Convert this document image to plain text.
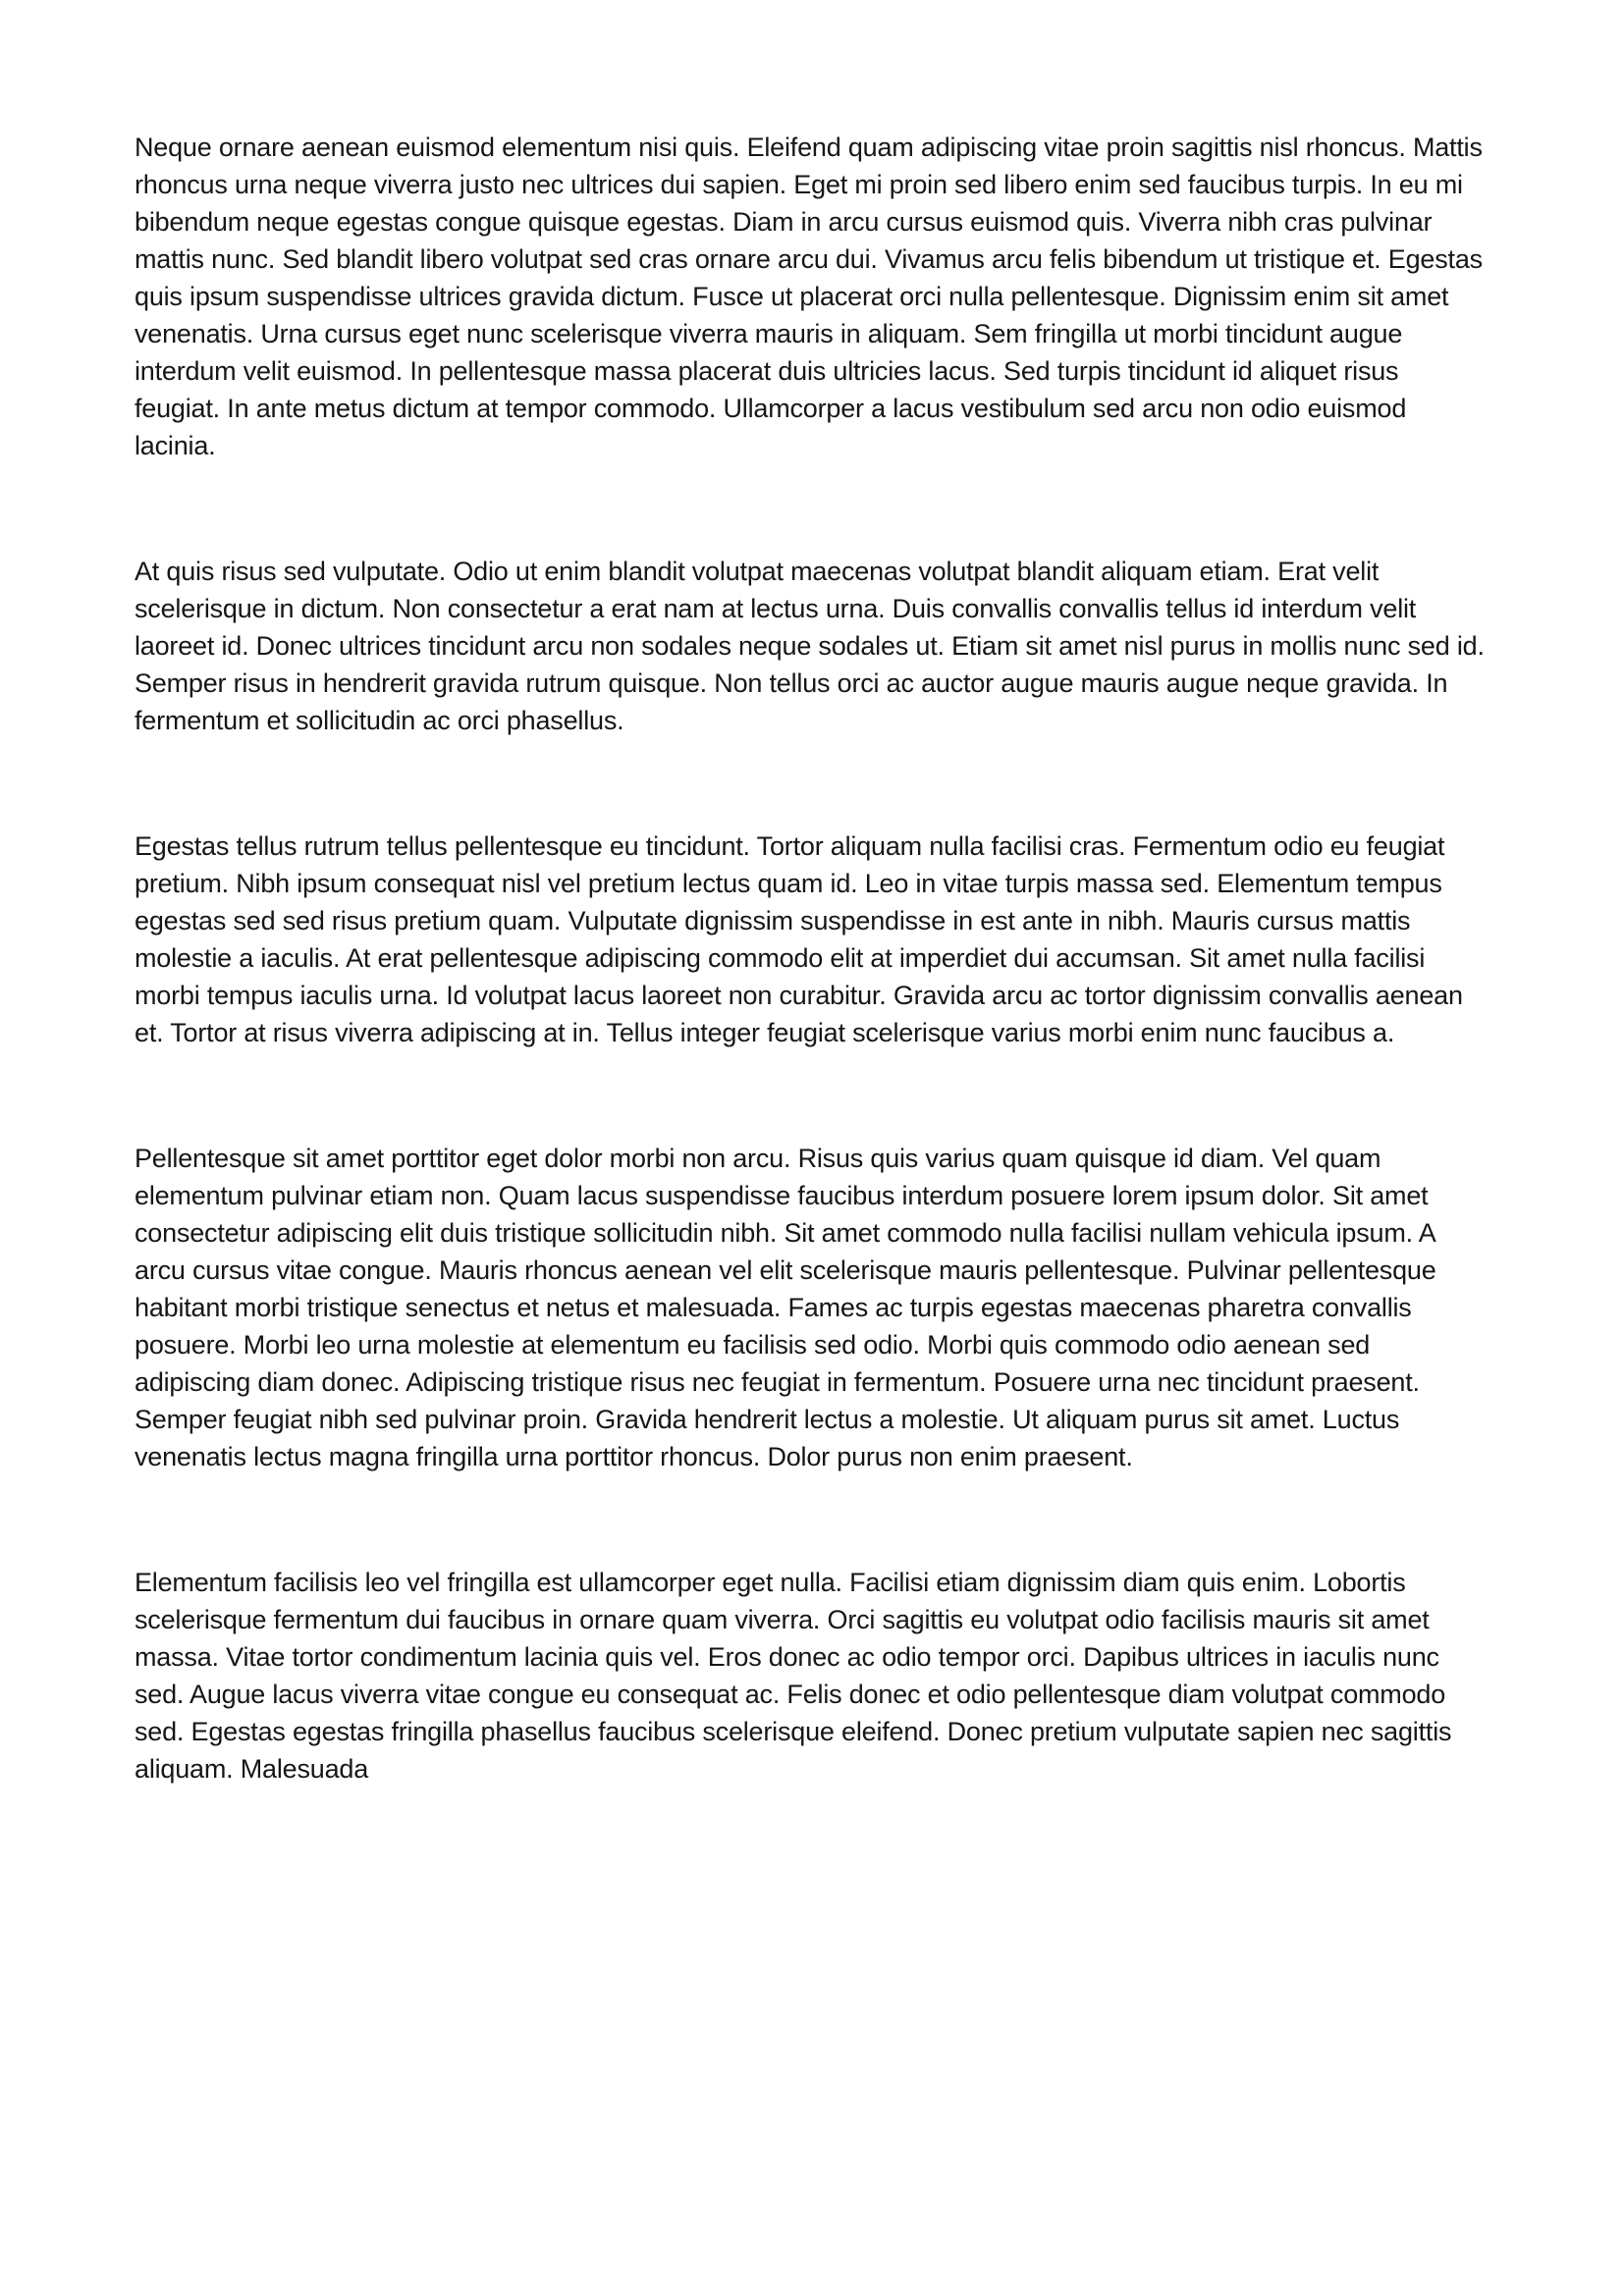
Neque ornare aenean euismod elementum nisi quis. Eleifend quam adipiscing vitae proin sagittis nisl rhoncus. Mattis rhoncus urna neque viverra justo nec ultrices dui sapien. Eget mi proin sed libero enim sed faucibus turpis. In eu mi bibendum neque egestas congue quisque egestas. Diam in arcu cursus euismod quis. Viverra nibh cras pulvinar mattis nunc. Sed blandit libero volutpat sed cras ornare arcu dui. Vivamus arcu felis bibendum ut tristique et. Egestas quis ipsum suspendisse ultrices gravida dictum. Fusce ut placerat orci nulla pellentesque. Dignissim enim sit amet venenatis. Urna cursus eget nunc scelerisque viverra mauris in aliquam. Sem fringilla ut morbi tincidunt augue interdum velit euismod. In pellentesque massa placerat duis ultricies lacus. Sed turpis tincidunt id aliquet risus feugiat. In ante metus dictum at tempor commodo. Ullamcorper a lacus vestibulum sed arcu non odio euismod lacinia.

At quis risus sed vulputate. Odio ut enim blandit volutpat maecenas volutpat blandit aliquam etiam. Erat velit scelerisque in dictum. Non consectetur a erat nam at lectus urna. Duis convallis convallis tellus id interdum velit laoreet id. Donec ultrices tincidunt arcu non sodales neque sodales ut. Etiam sit amet nisl purus in mollis nunc sed id. Semper risus in hendrerit gravida rutrum quisque. Non tellus orci ac auctor augue mauris augue neque gravida. In fermentum et sollicitudin ac orci phasellus.

Egestas tellus rutrum tellus pellentesque eu tincidunt. Tortor aliquam nulla facilisi cras. Fermentum odio eu feugiat pretium. Nibh ipsum consequat nisl vel pretium lectus quam id. Leo in vitae turpis massa sed. Elementum tempus egestas sed sed risus pretium quam. Vulputate dignissim suspendisse in est ante in nibh. Mauris cursus mattis molestie a iaculis. At erat pellentesque adipiscing commodo elit at imperdiet dui accumsan. Sit amet nulla facilisi morbi tempus iaculis urna. Id volutpat lacus laoreet non curabitur. Gravida arcu ac tortor dignissim convallis aenean et. Tortor at risus viverra adipiscing at in. Tellus integer feugiat scelerisque varius morbi enim nunc faucibus a.

Pellentesque sit amet porttitor eget dolor morbi non arcu. Risus quis varius quam quisque id diam. Vel quam elementum pulvinar etiam non. Quam lacus suspendisse faucibus interdum posuere lorem ipsum dolor. Sit amet consectetur adipiscing elit duis tristique sollicitudin nibh. Sit amet commodo nulla facilisi nullam vehicula ipsum. A arcu cursus vitae congue. Mauris rhoncus aenean vel elit scelerisque mauris pellentesque. Pulvinar pellentesque habitant morbi tristique senectus et netus et malesuada. Fames ac turpis egestas maecenas pharetra convallis posuere. Morbi leo urna molestie at elementum eu facilisis sed odio. Morbi quis commodo odio aenean sed adipiscing diam donec. Adipiscing tristique risus nec feugiat in fermentum. Posuere urna nec tincidunt praesent. Semper feugiat nibh sed pulvinar proin. Gravida hendrerit lectus a molestie. Ut aliquam purus sit amet. Luctus venenatis lectus magna fringilla urna porttitor rhoncus. Dolor purus non enim praesent.

Elementum facilisis leo vel fringilla est ullamcorper eget nulla. Facilisi etiam dignissim diam quis enim. Lobortis scelerisque fermentum dui faucibus in ornare quam viverra. Orci sagittis eu volutpat odio facilisis mauris sit amet massa. Vitae tortor condimentum lacinia quis vel. Eros donec ac odio tempor orci. Dapibus ultrices in iaculis nunc sed. Augue lacus viverra vitae congue eu consequat ac. Felis donec et odio pellentesque diam volutpat commodo sed. Egestas egestas fringilla phasellus faucibus scelerisque eleifend. Donec pretium vulputate sapien nec sagittis aliquam. Malesuada
